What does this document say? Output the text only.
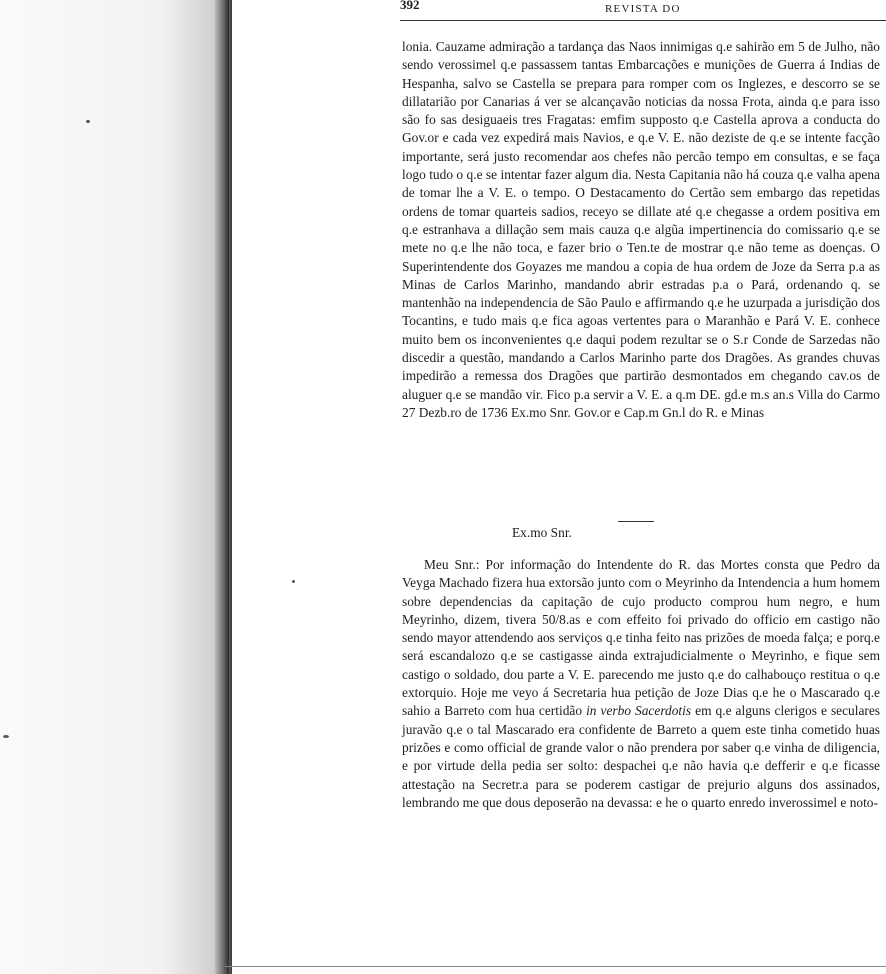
392	REVISTA DO

lonia. Cauzame admiração a tardança das Naos innimigas q.e sahirão em 5 de Julho, não sendo verossimel q.e passassem tantas Embarcações e munições de Guerra á Indias de Hespanha, salvo se Castella se prepara para romper com os Inglezes, e descorro se se dillatarião por Canarias á ver se alcançavão noticias da nossa Frota, ainda q.e para isso são fo sas desiguaeis tres Fragatas: emfim supposto q.e Castella aprova a conducta do Gov.or e cada vez expedirá mais Navios, e q.e V. E. não deziste de q.e se intente facção importante, será justo recomendar aos chefes não percão tempo em consultas, e se faça logo tudo o q.e se intentar fazer algum dia. Nesta Capitania não há couza q.e valha apena de tomar lhe a V. E. o tempo. O Destacamento do Certão sem embargo das repetidas ordens de tomar quarteis sadios, receyo se dillate até q.e chegasse a ordem positiva em q.e estranhava a dillação sem mais cauza q.e algũa impertinencia do comissario q.e se mete no q.e lhe não toca, e fazer brio o Ten.te de mostrar q.e não teme as doenças. O Superintendente dos Goyazes me mandou a copia de hua ordem de Joze da Serra p.a as Minas de Carlos Marinho, mandando abrir estradas p.a o Pará, ordenando q. se mantenhão na independencia de São Paulo e affirmando q.e he uzurpada a jurisdição dos Tocantins, e tudo mais q.e fica agoas vertentes para o Maranhão e Pará V. E. conhece muito bem os inconvenientes q.e daqui podem rezultar se o S.r Conde de Sarzedas não discedir a questão, mandando a Carlos Marinho parte dos Dragões. As grandes chuvas impedirão a remessa dos Dragões que partirão desmontados em chegando cav.os de aluguer q.e se mandão vir. Fico p.a servir a V. E. a q.m DE. gd.e m.s an.s Villa do Carmo 27 Dezb.ro de 1736 Ex.mo Snr. Gov.or e Cap.m Gn.l do R. e Minas

Ex.mo Snr.

Meu Snr.: Por informação do Intendente do R. das Mortes consta que Pedro da Veyga Machado fizera hua extorsão junto com o Meyrinho da Intendencia a hum homem sobre dependencias da capitação de cujo producto comprou hum negro, e hum Meyrinho, dizem, tivera 50/8.as e com effeito foi privado do officio em castigo não sendo mayor attendendo aos serviços q.e tinha feito nas prizões de moeda falça; e porq.e será escandalozo q.e se castigasse ainda extrajudicialmente o Meyrinho, e fique sem castigo o soldado, dou parte a V. E. parecendo me justo q.e do calhabouço restitua o q.e extorquio. Hoje me veyo á Secretaria hua petição de Joze Dias q.e he o Mascarado q.e sahio a Barreto com hua certidão in verbo Sacerdotis em q.e alguns clerigos e seculares juravão q.e o tal Mascarado era confidente de Barreto a quem este tinha cometido huas prizões e como official de grande valor o não prendera por saber q.e vinha de diligencia, e por virtude della pedia ser solto: despachei q.e não havia q.e defferir e q.e ficasse attestação na Secretr.a para se poderem castigar de prejurio alguns dos assinados, lembrando me que dous deposerão na devassa: e he o quarto enredo inverossimel e noto-
